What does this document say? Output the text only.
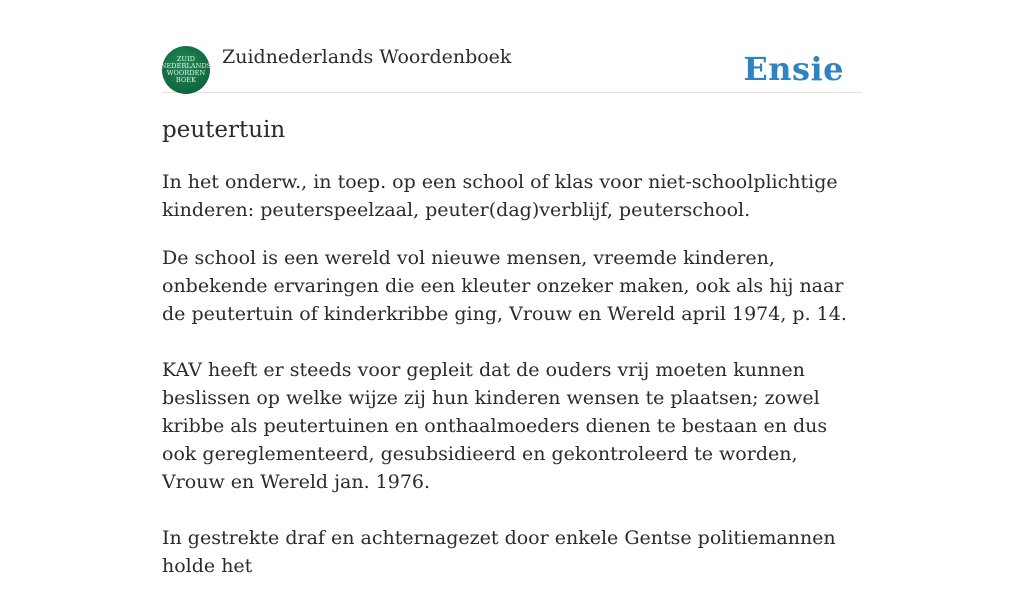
ZUID
NEDERLANDS
WOORDEN
BOEK
Zuidnederlands Woordenboek	Ensie
peutertuin

In het onderw., in toep. op een school of klas voor niet-schoolplichtige kinderen: peuterspeelzaal, peuter(dag)verblijf, peuterschool.

De school is een wereld vol nieuwe mensen, vreemde kinderen, onbekende ervaringen die een kleuter onzeker maken, ook als hij naar de peutertuin of kinderkribbe ging, Vrouw en Wereld april 1974, p. 14.

KAV heeft er steeds voor gepleit dat de ouders vrij moeten kunnen beslissen op welke wijze zij hun kinderen wensen te plaatsen; zowel kribbe als peutertuinen en onthaalmoeders dienen te bestaan en dus ook gereglementeerd, gesubsidieerd en gekontroleerd te worden, Vrouw en Wereld jan. 1976.

In gestrekte draf en achternagezet door enkele Gentse politiemannen holde het
